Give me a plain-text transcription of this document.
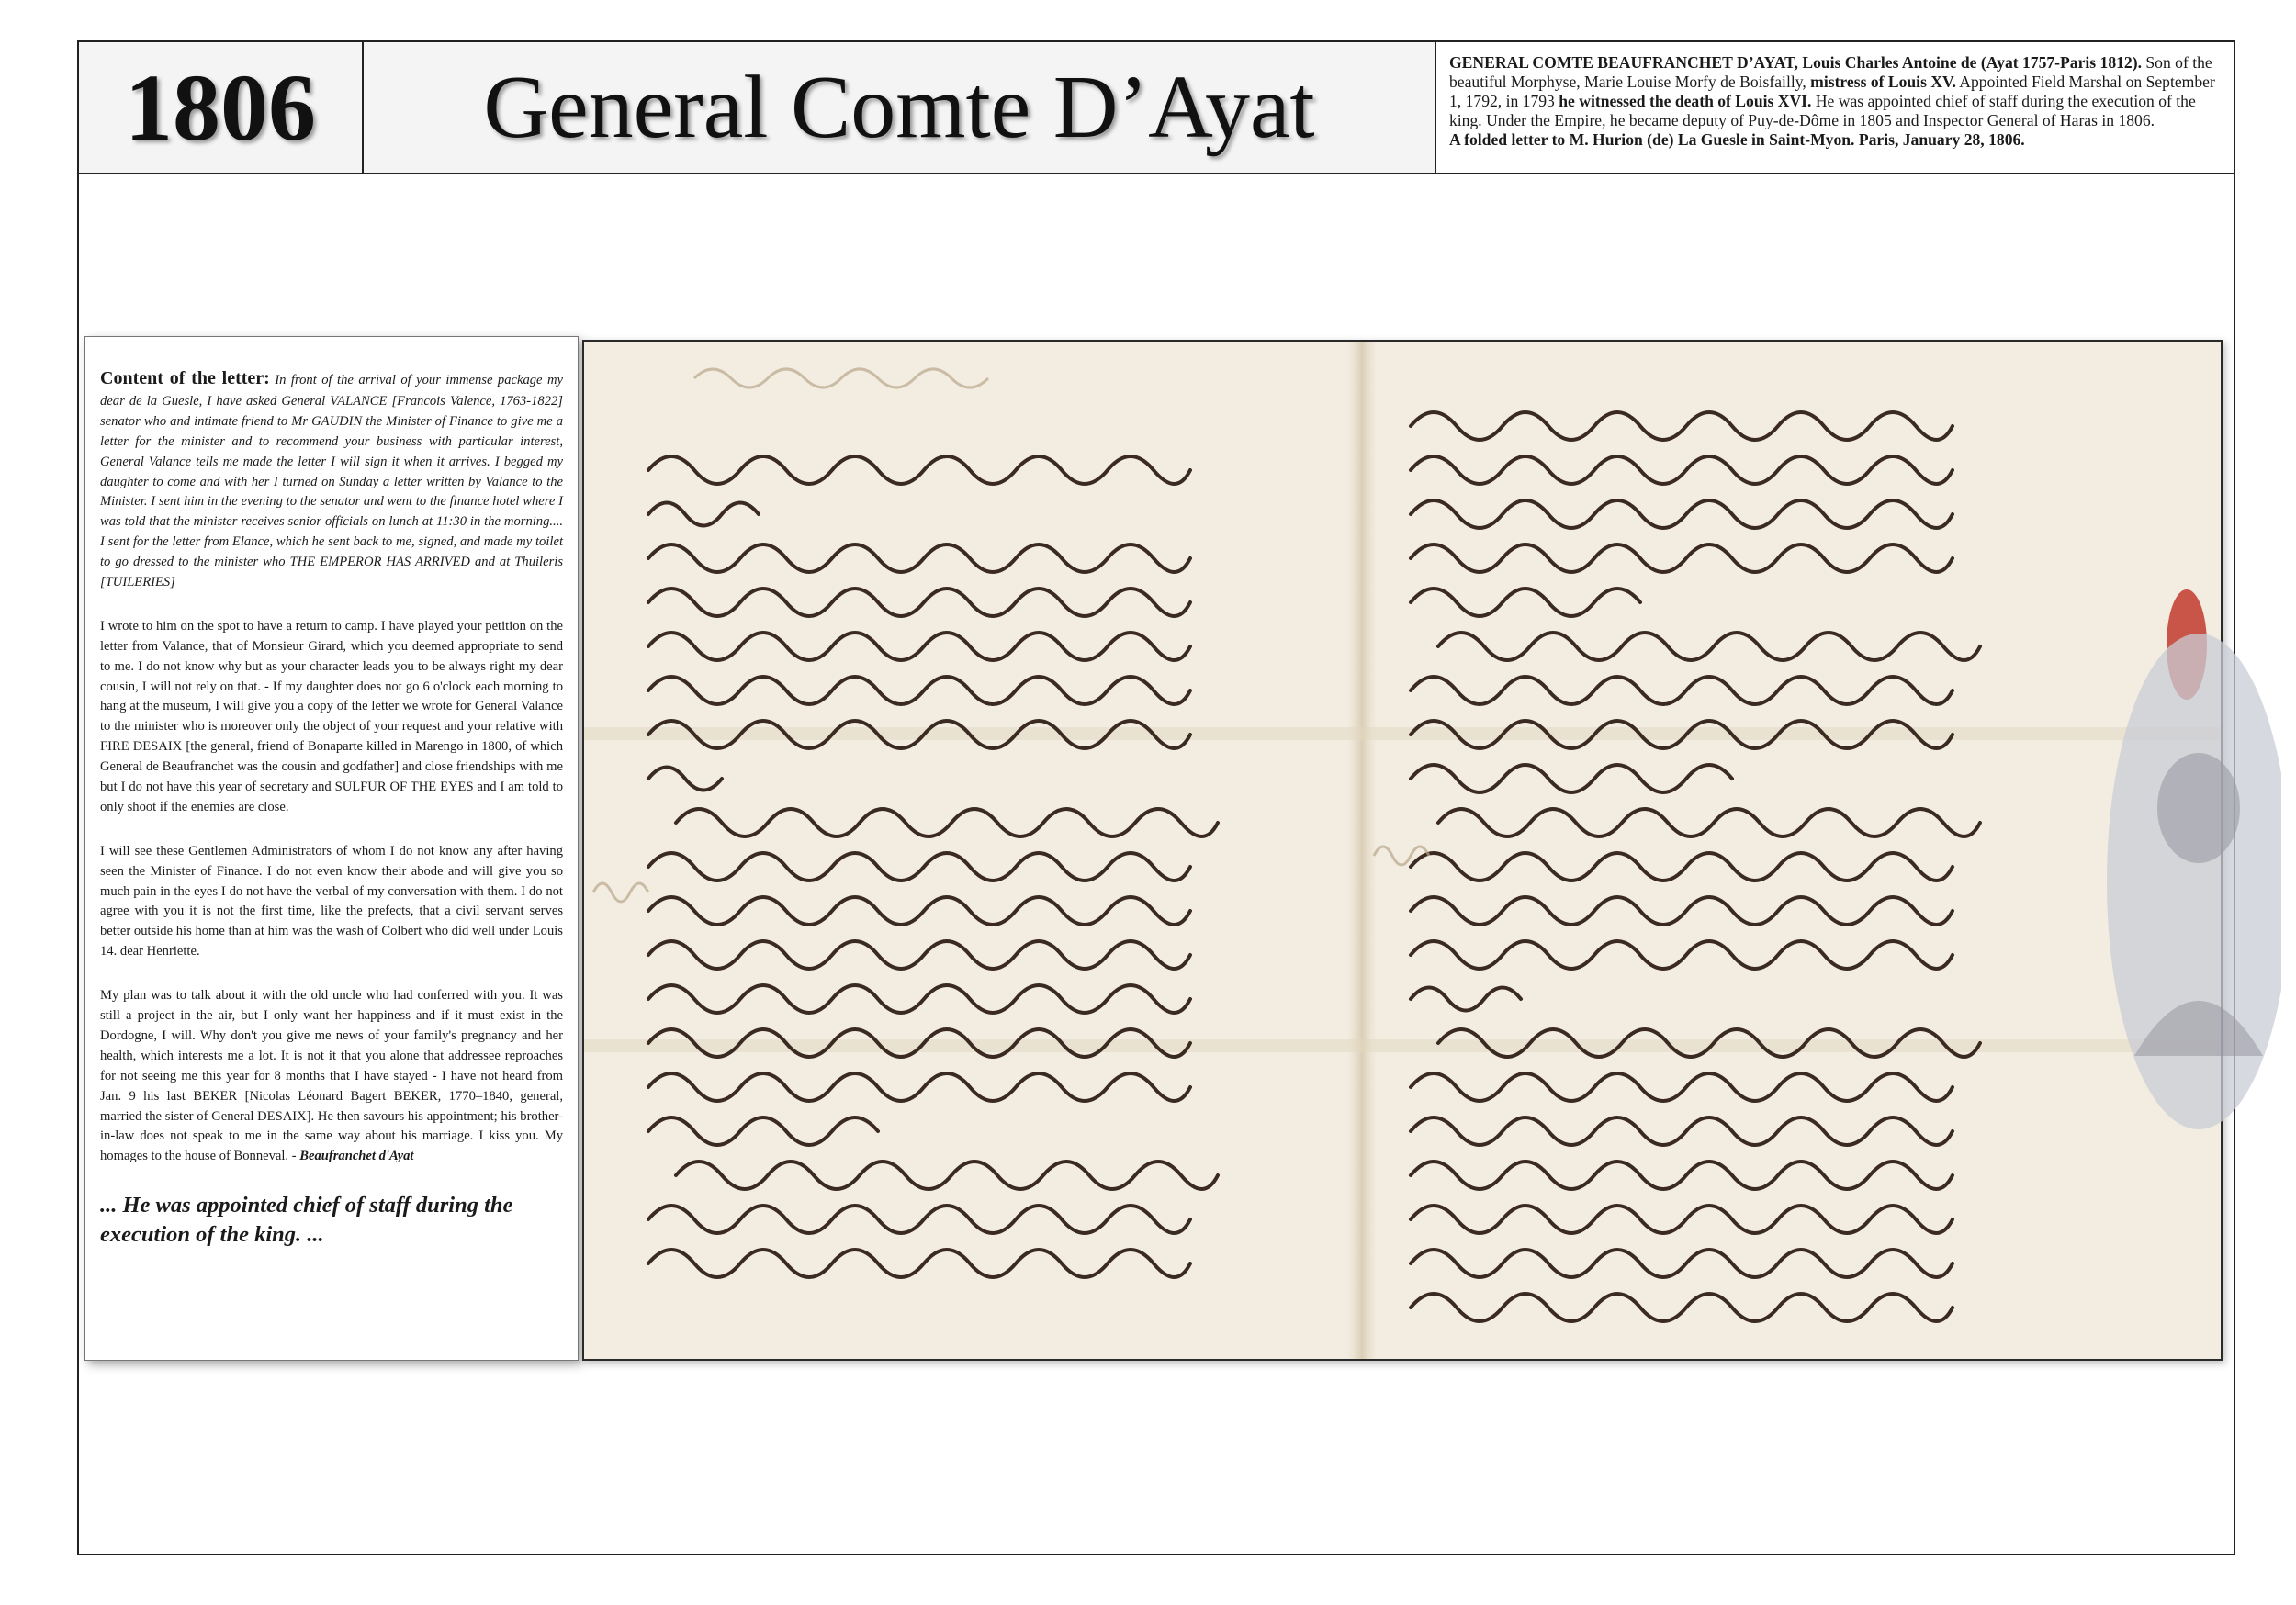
1806 General Comte D’Ayat	GENERAL COMTE BEAUFRANCHET D’AYAT, Louis Charles Antoine de (Ayat 1757-Paris 1812). Son of the beautiful Morphyse, Marie Louise Morfy de Boisfailly, mistress of Louis XV. Appointed Field Marshal on September 1, 1792, in 1793 he witnessed the death of Louis XVI. He was appointed chief of staff during the execution of the king. Under the Empire, he became deputy of Puy-de-Dôme in 1805 and Inspector General of Haras in 1806.
A folded letter to M. Hurion (de) La Guesle in Saint-Myon. Paris, January 28, 1806.

Content of the letter: In front of the arrival of your immense package my dear de la Guesle, I have asked General VALANCE [Francois Valence, 1763-1822] senator who and intimate friend to Mr GAUDIN the Minister of Finance to give me a letter for the minister and to recommend your business with particular interest, General Valance tells me made the letter I will sign it when it arrives. I begged my daughter to come and with her I turned on Sunday a letter written by Valance to the Minister. I sent him in the evening to the senator and went to the finance hotel where I was told that the minister receives senior officials on lunch at 11:30 in the morning.... I sent for the letter from Elance, which he sent back to me, signed, and made my toilet to go dressed to the minister who THE EMPEROR HAS ARRIVED and at Thuileris [TUILERIES]

I wrote to him on the spot to have a return to camp. I have played your petition on the letter from Valance, that of Monsieur Girard, which you deemed appropriate to send to me. I do not know why but as your character leads you to be always right my dear cousin, I will not rely on that. - If my daughter does not go 6 o'clock each morning to hang at the museum, I will give you a copy of the letter we wrote for General Valance to the minister who is moreover only the object of your request and your relative with FIRE DESAIX [the general, friend of Bonaparte killed in Marengo in 1800, of which General de Beaufranchet was the cousin and godfather] and close friendships with me but I do not have this year of secretary and SULFUR OF THE EYES and I am told to only shoot if the enemies are close.

I will see these Gentlemen Administrators of whom I do not know any after having seen the Minister of Finance. I do not even know their abode and will give you so much pain in the eyes I do not have the verbal of my conversation with them. I do not agree with you it is not the first time, like the prefects, that a civil servant serves better outside his home than at him was the wash of Colbert who did well under Louis 14. dear Henriette.

My plan was to talk about it with the old uncle who had conferred with you. It was still a project in the air, but I only want her happiness and if it must exist in the Dordogne, I will. Why don't you give me news of your family's pregnancy and her health, which interests me a lot. It is not it that you alone that addressee reproaches for not seeing me this year for 8 months that I have stayed - I have not heard from Jan. 9 his last BEKER [Nicolas Léonard Bagert BEKER, 1770–1840, general, married the sister of General DESAIX]. He then savours his appointment; his brother-in-law does not speak to me in the same way about his marriage. I kiss you. My homages to the house of Bonneval. - Beaufranchet d'Ayat

... He was appointed chief of staff during the execution of the king. ...
